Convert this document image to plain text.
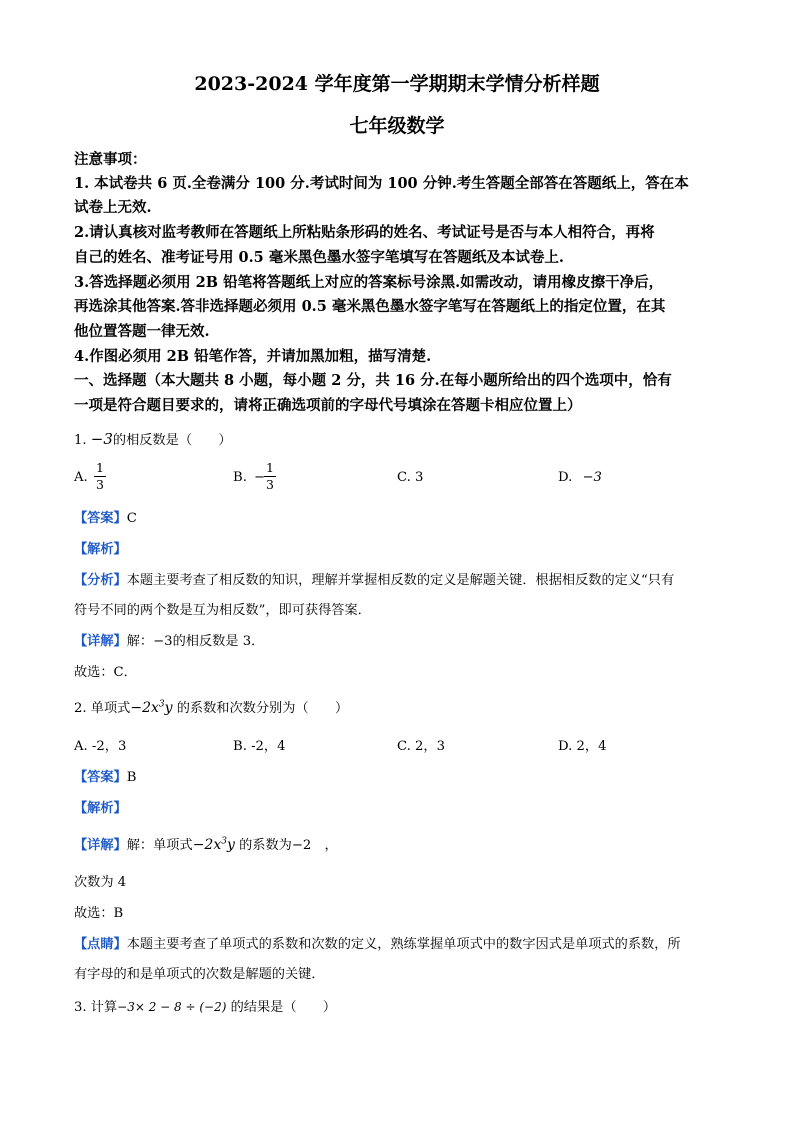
2023-2024 学年度第一学期期末学情分析样题
七年级数学
注意事项：
1. 本试卷共 6 页.全卷满分 100 分.考试时间为 100 分钟.考生答题全部答在答题纸上，答在本
试卷上无效.
2.请认真核对监考教师在答题纸上所粘贴条形码的姓名、考试证号是否与本人相符合，再将
自己的姓名、准考证号用 0.5 毫米黑色墨水签字笔填写在答题纸及本试卷上.
3.答选择题必须用 2B 铅笔将答题纸上对应的答案标号涂黑.如需改动，请用橡皮擦干净后，
再选涂其他答案.答非选择题必须用 0.5 毫米黑色墨水签字笔写在答题纸上的指定位置，在其
他位置答题一律无效.
4.作图必须用 2B 铅笔作答，并请加黑加粗，描写清楚.
一、选择题（本大题共 8 小题，每小题 2 分，共 16 分.在每小题所给出的四个选项中，恰有
一项是符合题目要求的，请将正确选项前的字母代号填涂在答题卡相应位置上）
1. −3的相反数是（　　）
A.
1
3	B. −
1
3	C. 3	D. −3
【答案】C
【解析】
【分析】本题主要考查了相反数的知识，理解并掌握相反数的定义是解题关键．根据相反数的定义“只有
符号不同的两个数是互为相反数”，即可获得答案．
【详解】解：−3的相反数是 3．
故选：C．
2. 单项式$-2x^3y$ 的系数和次数分别为（　　）
A. -2，3	B. -2，4	C. 2，3	D. 2，4
【答案】B
【解析】
【详解】解：单项式$-2x^3y$ 的系数为−2　，
次数为 4
故选：B
【点睛】本题主要考查了单项式的系数和次数的定义，熟练掌握单项式中的数字因式是单项式的系数，所
有字母的和是单项式的次数是解题的关键．
3. 计算−3× 2 − 8 ÷ (−2) 的结果是（　　）
